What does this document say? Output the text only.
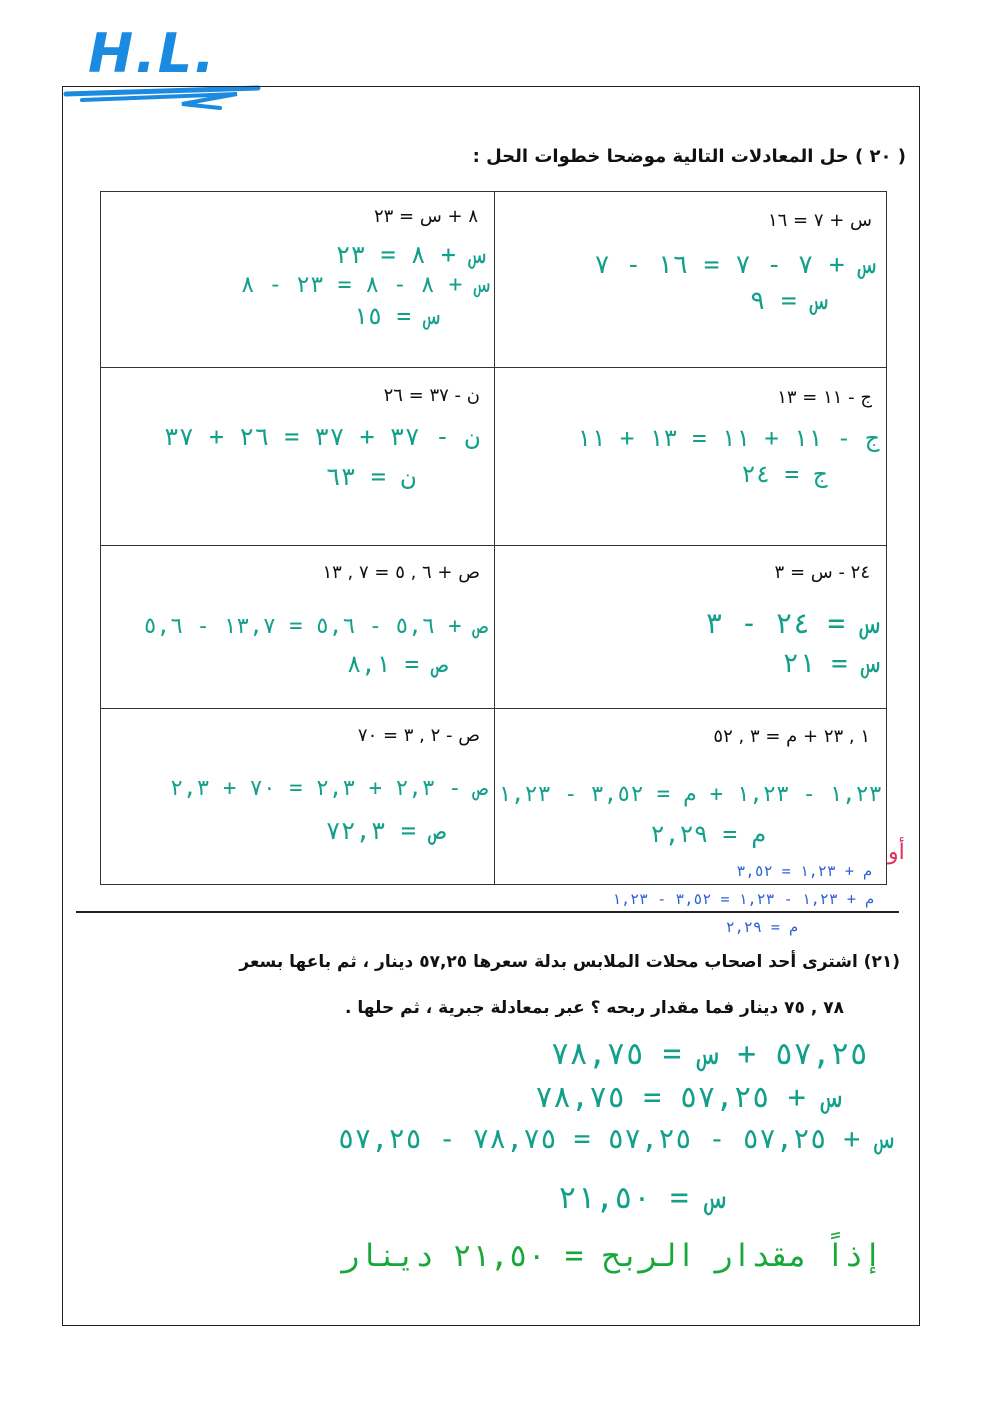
H.L.
( ٢٠ ) حل المعادلات التالية موضحا خطوات الحل :
س + ٧ = ١٦
س + ٧ - ٧ = ١٦ - ٧
س = ٩
٨ + س = ٢٣
س + ٨ = ٢٣
س + ٨ - ٨ = ٢٣ - ٨
س = ١٥
ج - ١١ = ١٣
ج - ١١ + ١١ = ١٣ + ١١
ج = ٢٤
ن - ٣٧ = ٢٦
ن - ٣٧ + ٣٧ = ٢٦ + ٣٧
ن = ٦٣
٢٤ - س = ٣
س = ٢٤ - ٣
س = ٢١
ص + ٦ , ٥ = ٧ , ١٣
ص + ٥,٦ - ٥,٦ = ١٣,٧ - ٥,٦
ص = ٨,١
١ , ٢٣ + م = ٣ , ٥٢
١,٢٣ - ١,٢٣ + م = ٣,٥٢ - ١,٢٣
م = ٢,٢٩
ص - ٢ , ٣ = ٧٠
ص - ٢,٣ + ٢,٣ = ٧٠ + ٢,٣
ص = ٧٢,٣
أو
م + ١,٢٣ = ٣,٥٢
م + ١,٢٣ - ١,٢٣ = ٣,٥٢ - ١,٢٣
م = ٢,٢٩
(٢١) اشترى أحد اصحاب محلات الملابس بدلة سعرها ٥٧,٢٥ دينار ، ثم باعها بسعر
٧٨ , ٧٥ دينار فما مقدار ربحه ؟ عبر بمعادلة جبرية ، ثم حلها .
٥٧,٢٥ + س = ٧٨,٧٥
س + ٥٧,٢٥ = ٧٨,٧٥
س + ٥٧,٢٥ - ٥٧,٢٥ = ٧٨,٧٥ - ٥٧,٢٥
س = ٢١,٥٠
إذاً مقدار الربح = ٢١,٥٠ دينار
